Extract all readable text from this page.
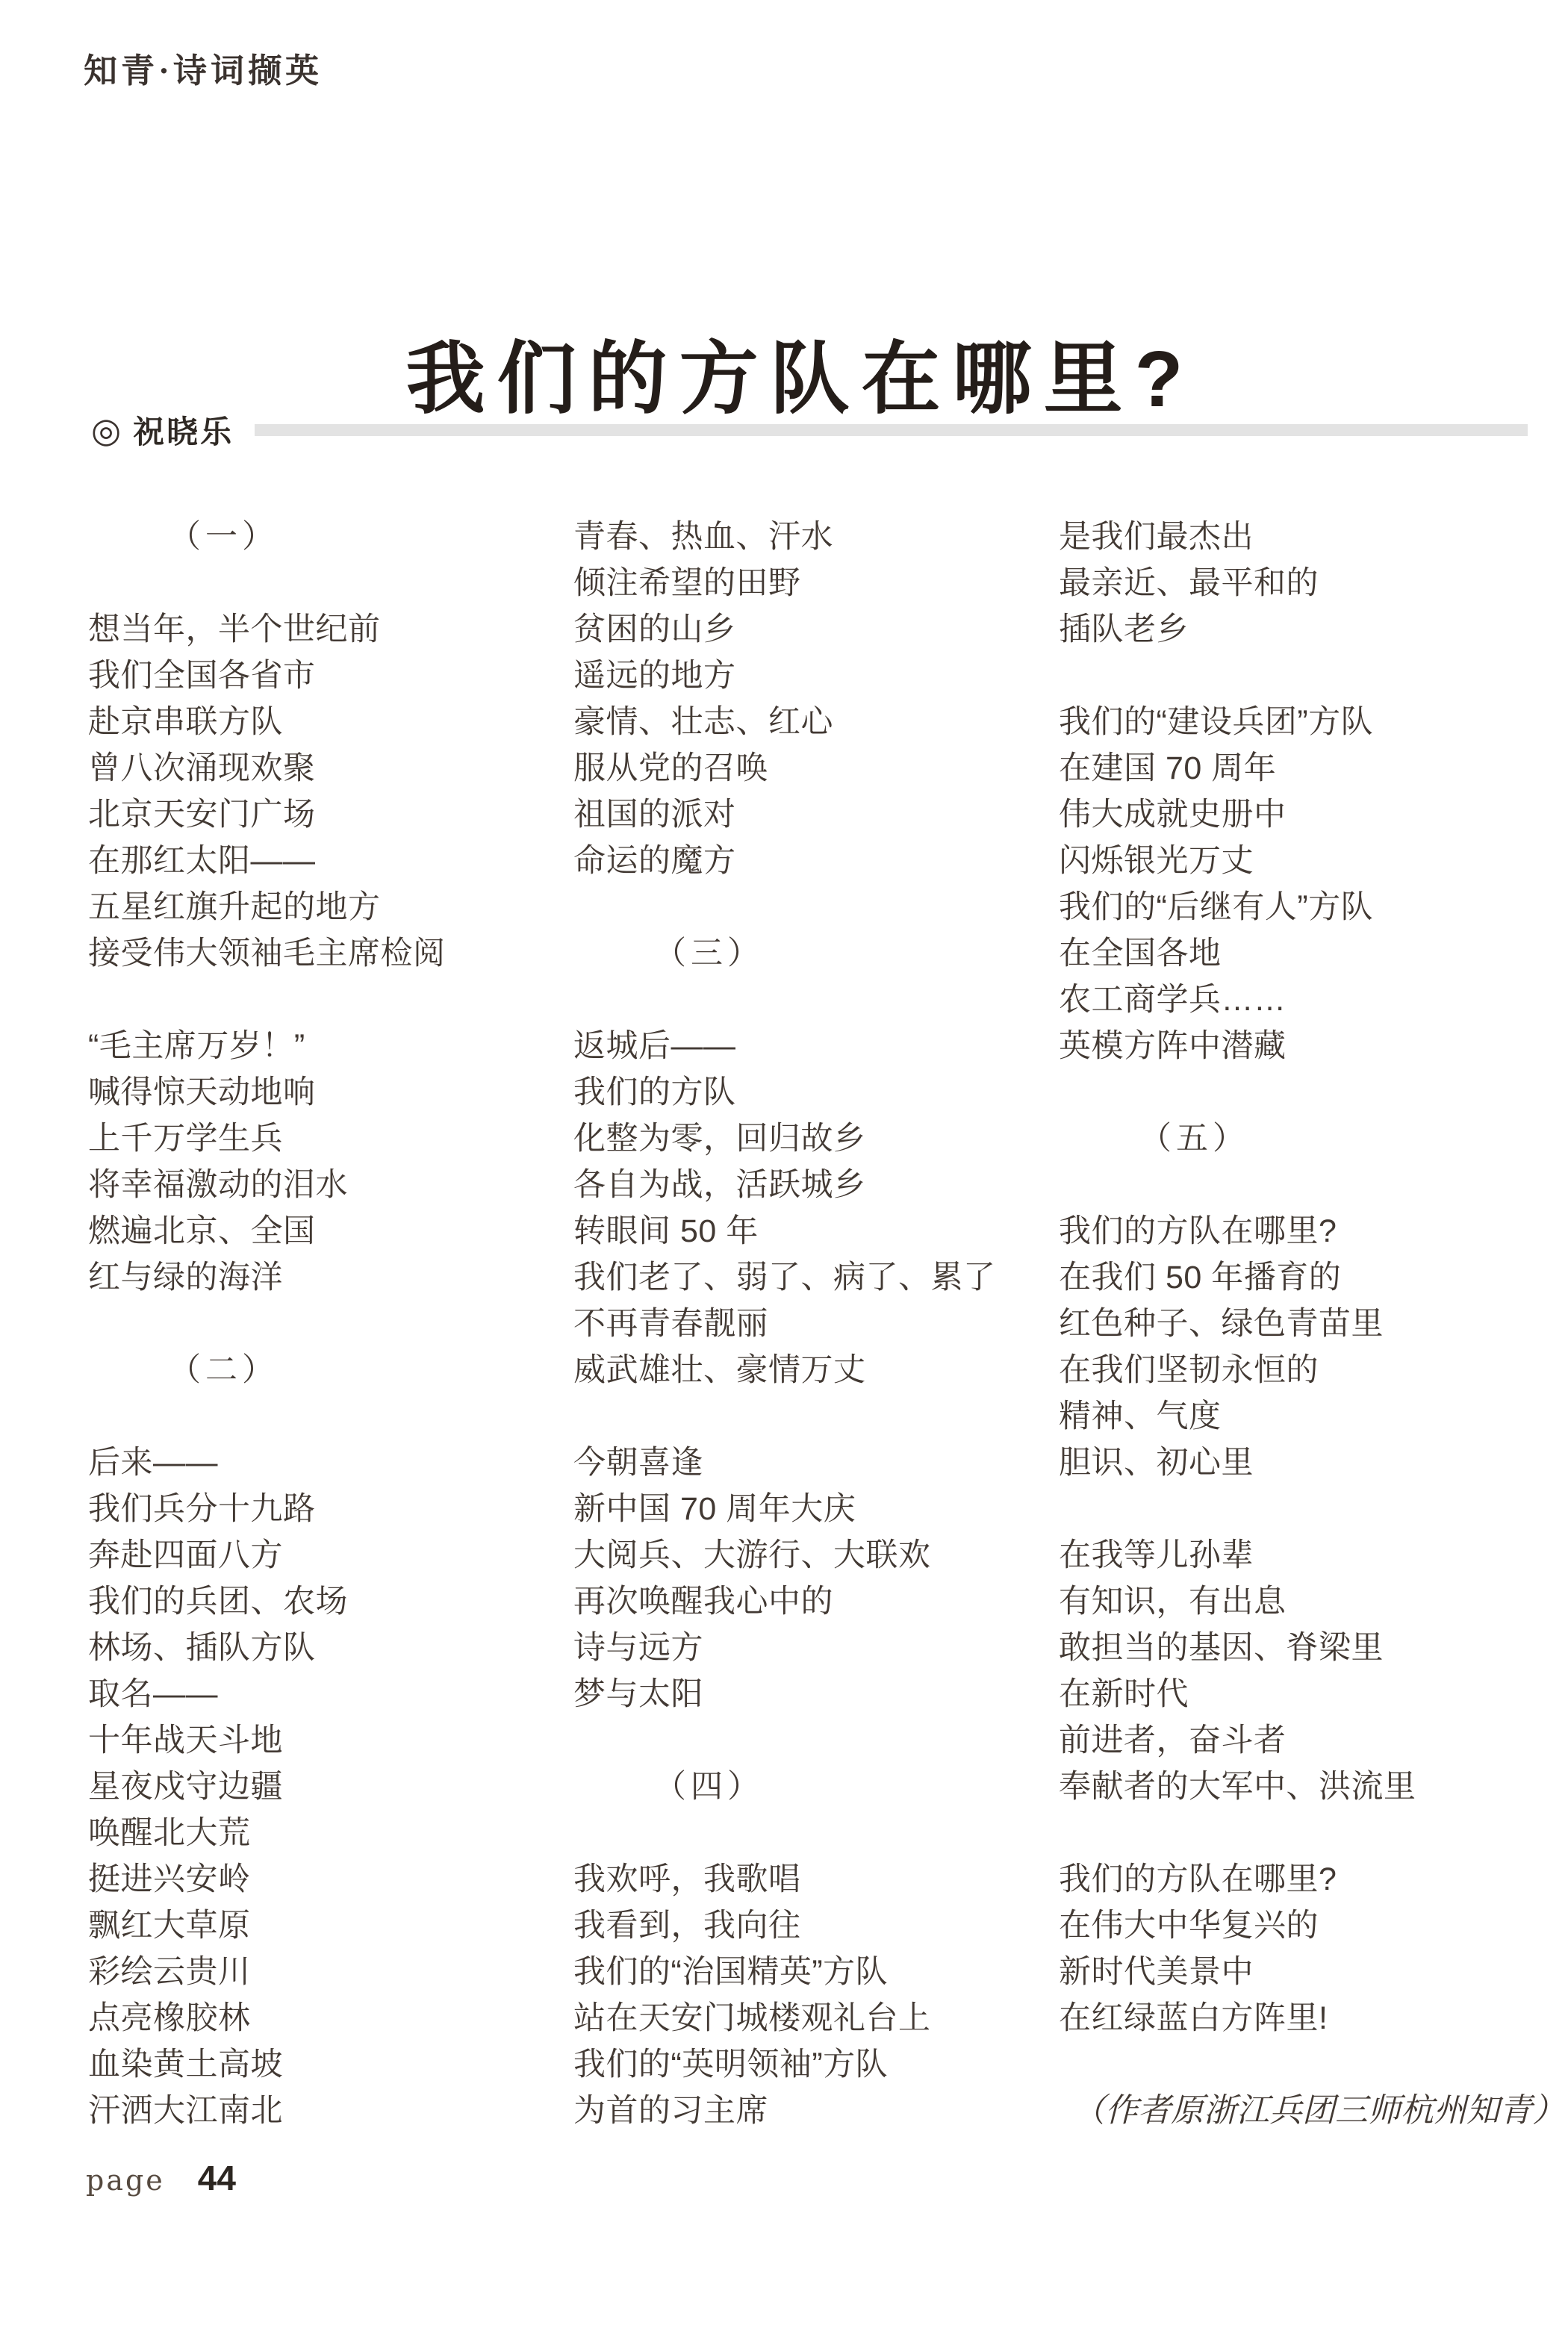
知青·诗词撷英
我们的方队在哪里?
◎ 祝晓乐
（一）

想当年，半个世纪前
我们全国各省市
赴京串联方队
曾八次涌现欢聚
北京天安门广场
在那红太阳——
五星红旗升起的地方
接受伟大领袖毛主席检阅

“毛主席万岁！”
喊得惊天动地响
上千万学生兵
将幸福激动的泪水
燃遍北京、全国
红与绿的海洋

（二）

后来——
我们兵分十九路
奔赴四面八方
我们的兵团、农场
林场、插队方队
取名——
十年战天斗地
星夜戍守边疆
唤醒北大荒
挺进兴安岭
飘红大草原
彩绘云贵川
点亮橡胶林
血染黄土高坡
汗洒大江南北
青春、热血、汗水
倾注希望的田野
贫困的山乡
遥远的地方
豪情、壮志、红心
服从党的召唤
祖国的派对
命运的魔方

（三）

返城后——
我们的方队
化整为零，回归故乡
各自为战，活跃城乡
转眼间 50 年
我们老了、弱了、病了、累了
不再青春靓丽
威武雄壮、豪情万丈

今朝喜逢
新中国 70 周年大庆
大阅兵、大游行、大联欢
再次唤醒我心中的
诗与远方
梦与太阳

（四）

我欢呼，我歌唱
我看到，我向往
我们的“治国精英”方队
站在天安门城楼观礼台上
我们的“英明领袖”方队
为首的习主席
是我们最杰出
最亲近、最平和的
插队老乡

我们的“建设兵团”方队
在建国 70 周年
伟大成就史册中
闪烁银光万丈
我们的“后继有人”方队
在全国各地
农工商学兵……
英模方阵中潜藏

（五）

我们的方队在哪里?
在我们 50 年播育的
红色种子、绿色青苗里
在我们坚韧永恒的
精神、气度
胆识、初心里

在我等儿孙辈
有知识，有出息
敢担当的基因、脊梁里
在新时代
前进者，奋斗者
奉献者的大军中、洪流里

我们的方队在哪里?
在伟大中华复兴的
新时代美景中
在红绿蓝白方阵里!

（作者原浙江兵团三师杭州知青）
page 44
